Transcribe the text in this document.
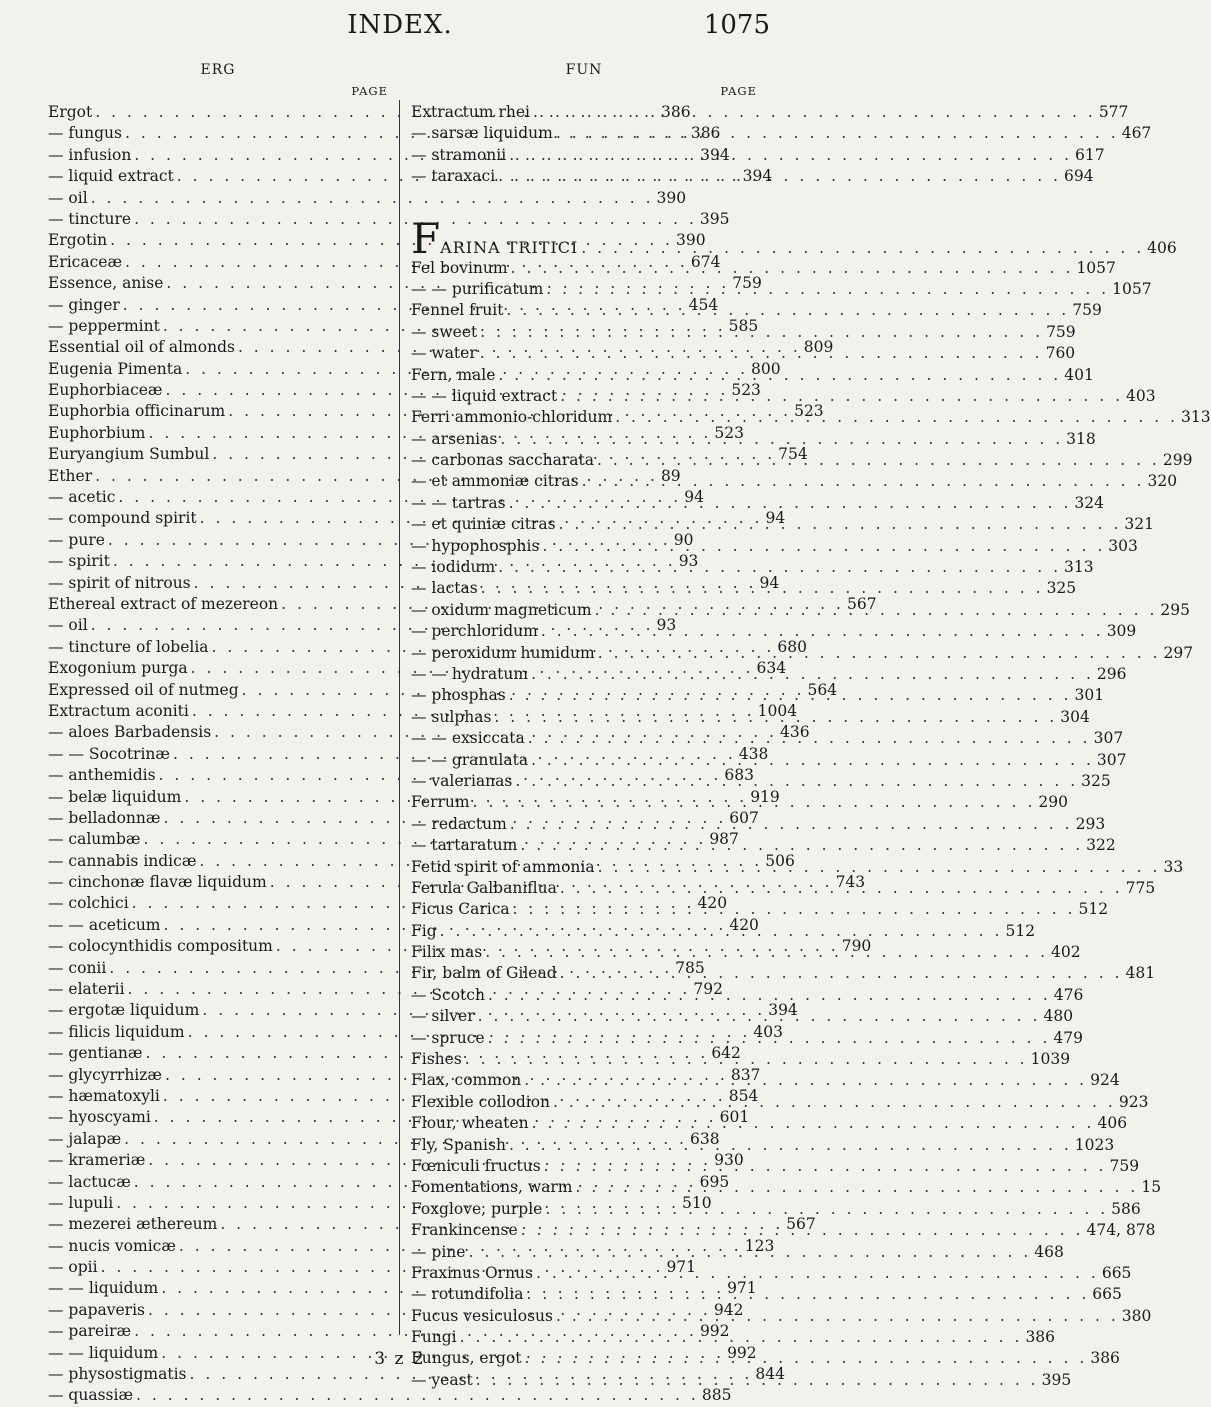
INDEX.	1075
ERG
PAGE
Ergot . . .	386
— fungus . . .	386
— infusion . . .	394
— liquid extract . . .	394
— oil . . .	390
— tincture . . .	395
Ergotin . . .	390
Ericaceæ . . .	674
Essence, anise . . .	759
— ginger . . .	454
— peppermint . . .	585
Essential oil of almonds . . .	809
Eugenia Pimenta . . .	800
Euphorbiaceæ . . .	523
Euphorbia officinarum . . .	523
Euphorbium . . .	523
Euryangium Sumbul . . .	754
Ether . . .	89
— acetic . . .	94
— compound spirit . . .	94
— pure . . .	90
— spirit . . .	93
— spirit of nitrous . . .	94
Ethereal extract of mezereon . . .	567
— oil . . .	93
— tincture of lobelia . . .	680
Exogonium purga . . .	634
Expressed oil of nutmeg . . .	564
Extractum aconiti . . .	1004
— aloes Barbadensis . . .	436
— — Socotrinæ . . .	438
— anthemidis . . .	683
— belæ liquidum . . .	919
— belladonnæ . . .	607
— calumbæ . . .	987
— cannabis indicæ . . .	506
— cinchonæ flavæ liquidum . . .	743
— colchici . . .	420
— — aceticum . . .	420
— colocynthidis compositum . . .	790
— conii . . .	785
— elaterii . . .	792
— ergotæ liquidum . . .	394
— filicis liquidum . . .	403
— gentianæ . . .	642
— glycyrrhizæ . . .	837
— hæmatoxyli . . .	854
— hyoscyami . . .	601
— jalapæ . . .	638
— krameriæ . . .	930
— lactucæ . . .	695
— lupuli . . .	510
— mezerei æthereum . . .	567
— nucis vomicæ . . .	123
— opii . . .	971
— — liquidum . . .	971
— papaveris . . .	942
— pareiræ . . .	992
— — liquidum . . .	992
— physostigmatis . . .	844
— quassiæ . . .	885
FUN
PAGE
Extractum rhei . . .	577
— sarsæ liquidum . . .	467
— stramonii . . .	617
— taraxaci . . .	694
FARINA TRITICI . . .	406
Fel bovinum . . .	1057
— — purificatum . . .	1057
Fennel fruit . . .	759
— sweet . . .	759
— water . . .	760
Fern, male . . .	401
— — liquid extract . . .	403
Ferri ammonio-chloridum . . .	313
— arsenias . . .	318
— carbonas saccharata . . .	299
— et ammoniæ citras . . .	320
— — tartras . . .	324
— et quiniæ citras . . .	321
— hypophosphis . . .	303
— iodidum . . .	313
— lactas . . .	325
— oxidum magneticum . . .	295
— perchloridum . . .	309
— peroxidum humidum . . .	297
— — hydratum . . .	296
— phosphas . . .	301
— sulphas . . .	304
— — exsiccata . . .	307
— — granulata . . .	307
— valerianas . . .	325
Ferrum . . .	290
— redactum . . .	293
— tartaratum . . .	322
Fetid spirit of ammonia . . .	33
Ferula Galbaniflua . . .	775
Ficus Carica . . .	512
Fig . . .	512
Filix mas . . .	402
Fir, balm of Gilead . . .	481
— Scotch . . .	476
— silver . . .	480
— spruce . . .	479
Fishes . . .	1039
Flax, common . . .	924
Flexible collodion . . .	923
Flour, wheaten . . .	406
Fly, Spanish . . .	1023
Fœniculi fructus . . .	759
Fomentations, warm . . .	15
Foxglove, purple . . .	586
Frankincense . . .	474, 878
— pine . . .	468
Fraxinus Ornus . . .	665
— rotundifolia . . .	665
Fucus vesiculosus . . .	380
Fungi . . .	386
Fungus, ergot . . .	386
— yeast . . .	395
3 z 2
